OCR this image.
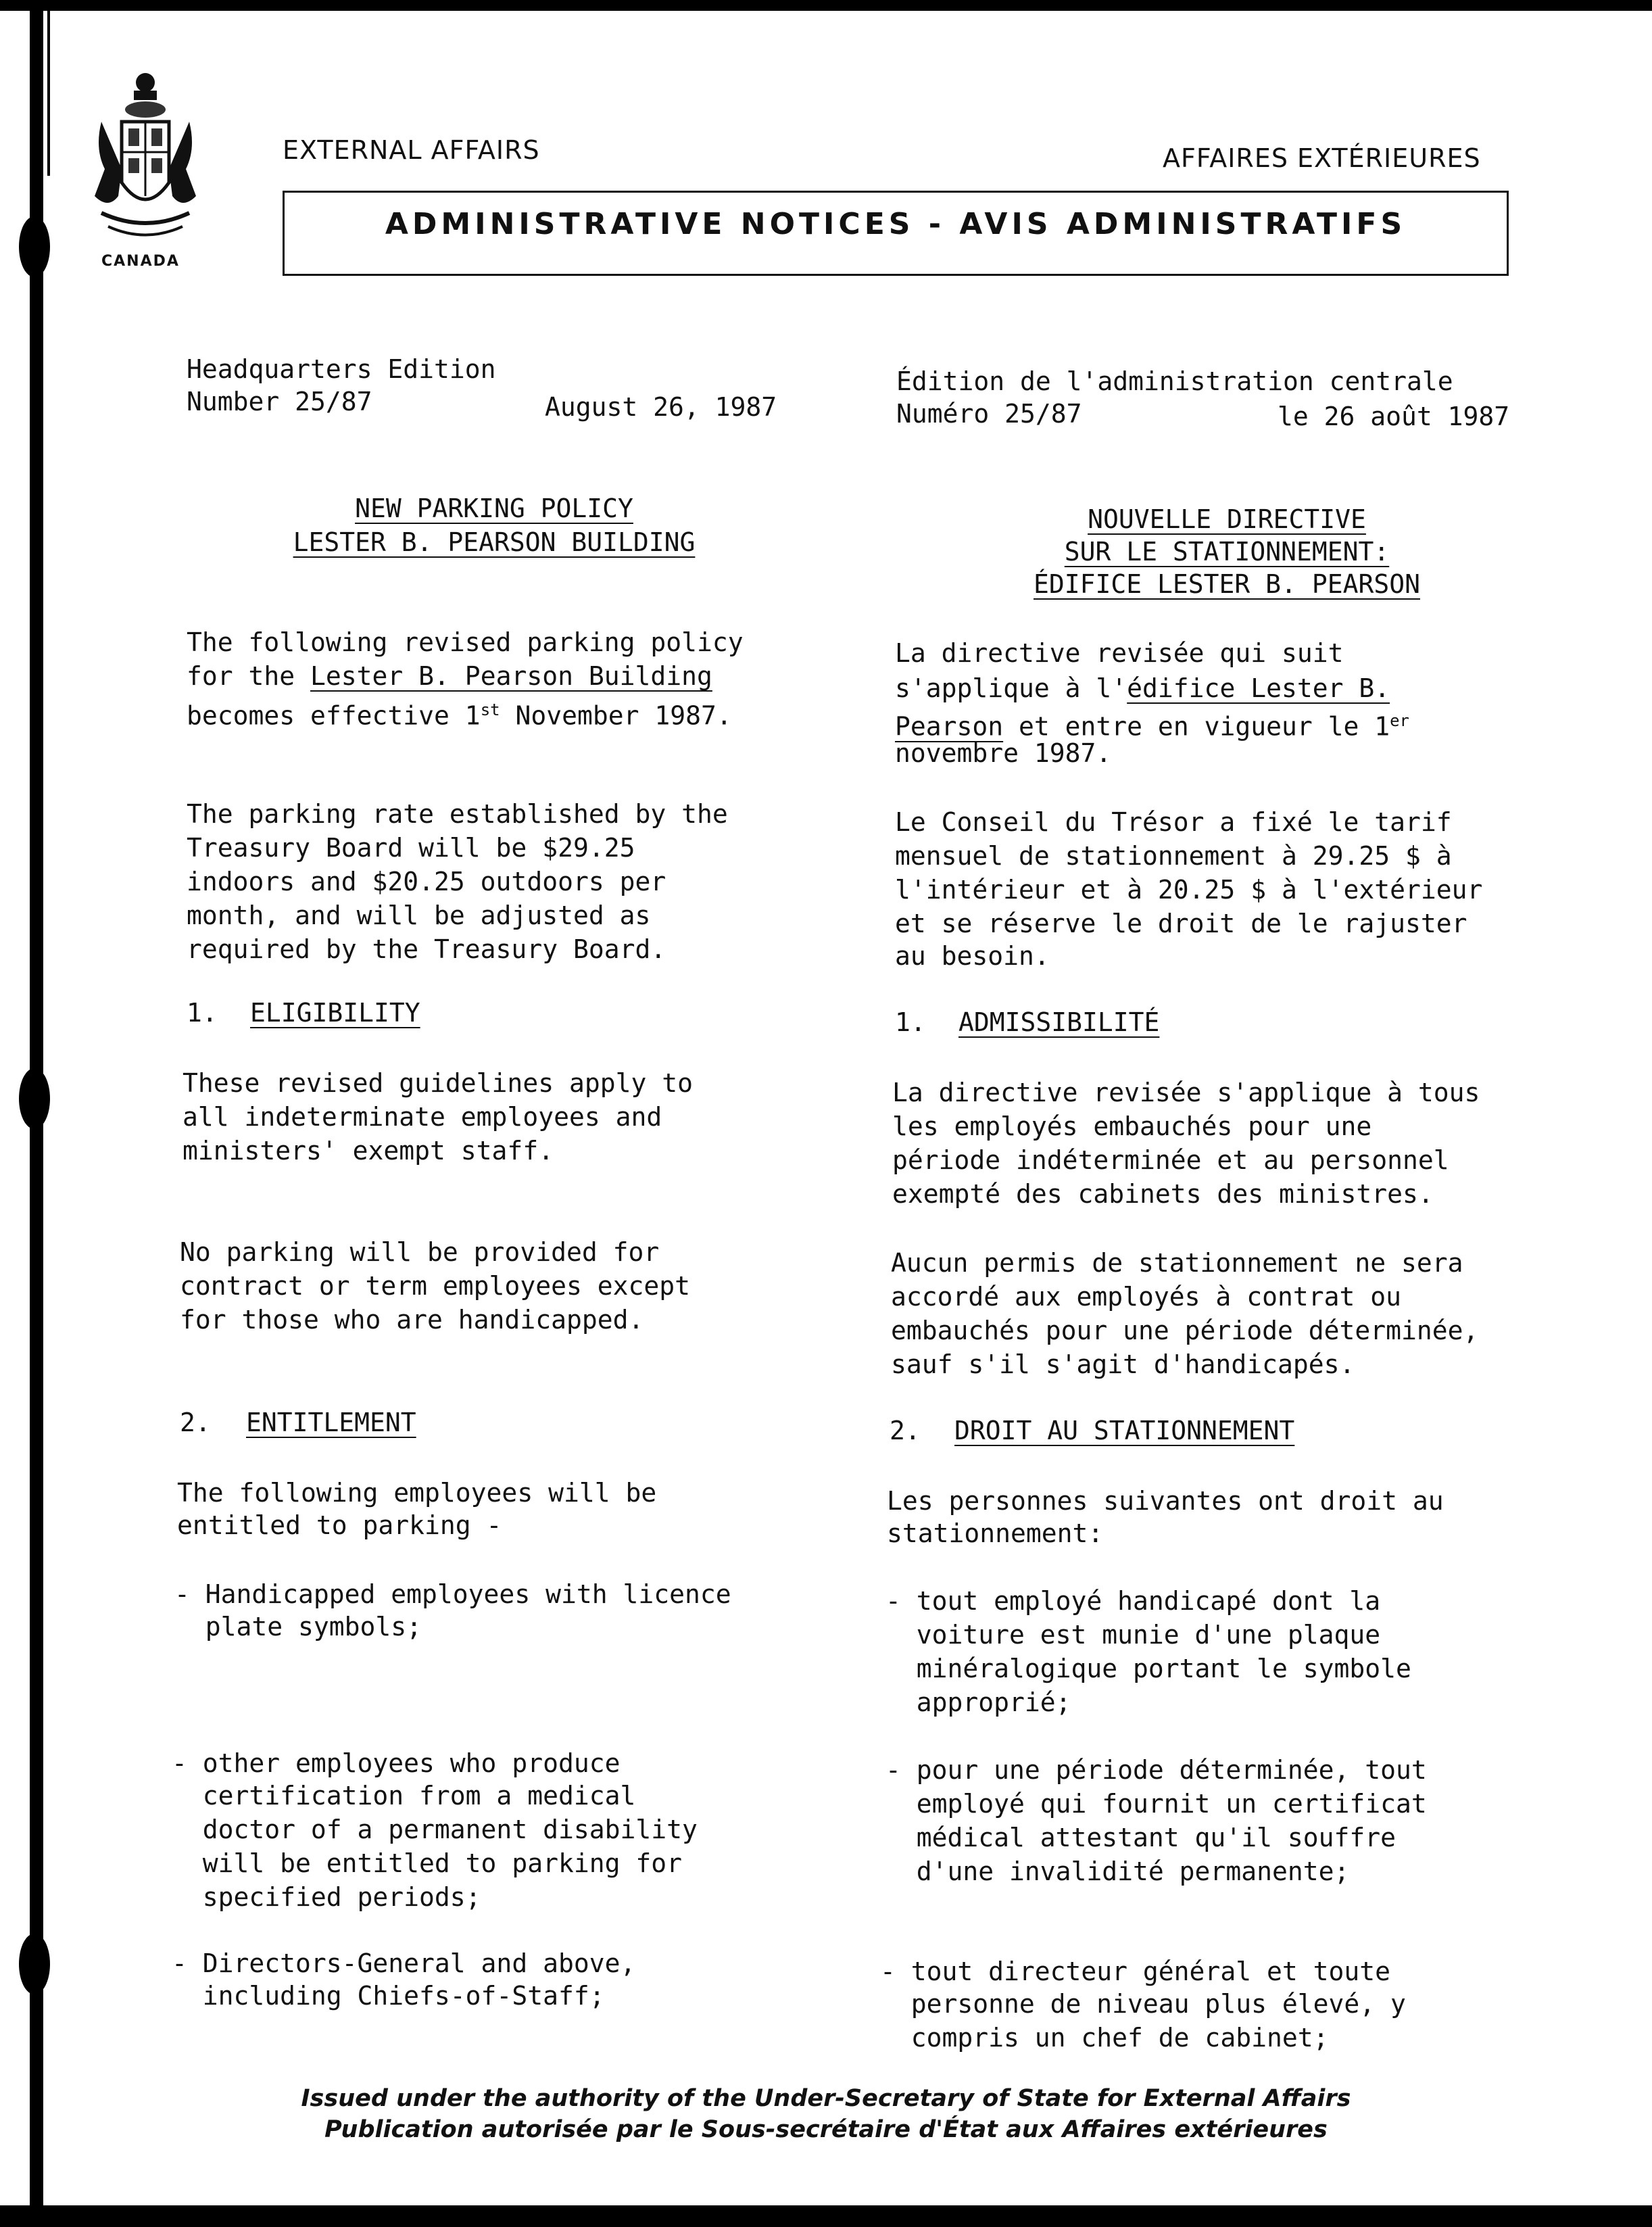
CANADA
EXTERNAL AFFAIRS	AFFAIRES EXTÉRIEURES
ADMINISTRATIVE NOTICES - AVIS ADMINISTRATIFS
Headquarters Edition
Number 25/87	August 26, 1987
NEW PARKING POLICY
LESTER B. PEARSON BUILDING
The following revised parking policy
for the Lester B. Pearson Building
becomes effective 1st November 1987.
The parking rate established by the
Treasury Board will be $29.25
indoors and $20.25 outdoors per
month, and will be adjusted as
required by the Treasury Board.
1. ELIGIBILITY
These revised guidelines apply to
all indeterminate employees and
ministers' exempt staff.
No parking will be provided for
contract or term employees except
for those who are handicapped.
2. ENTITLEMENT
The following employees will be
entitled to parking -
- Handicapped employees with licence
plate symbols;
- other employees who produce
certification from a medical
doctor of a permanent disability
will be entitled to parking for
specified periods;
- Directors-General and above,
including Chiefs-of-Staff;
Édition de l'administration centrale
Numéro 25/87	le 26 août 1987
NOUVELLE DIRECTIVE
SUR LE STATIONNEMENT:
ÉDIFICE LESTER B. PEARSON
La directive revisée qui suit
s'applique à l'édifice Lester B.
Pearson et entre en vigueur le 1er
novembre 1987.
Le Conseil du Trésor a fixé le tarif
mensuel de stationnement à 29.25 $ à
l'intérieur et à 20.25 $ à l'extérieur
et se réserve le droit de le rajuster
au besoin.
1. ADMISSIBILITÉ
La directive revisée s'applique à tous
les employés embauchés pour une
période indéterminée et au personnel
exempté des cabinets des ministres.
Aucun permis de stationnement ne sera
accordé aux employés à contrat ou
embauchés pour une période déterminée,
sauf s'il s'agit d'handicapés.
2. DROIT AU STATIONNEMENT
Les personnes suivantes ont droit au
stationnement:
- tout employé handicapé dont la
voiture est munie d'une plaque
minéralogique portant le symbole
approprié;
- pour une période déterminée, tout
employé qui fournit un certificat
médical attestant qu'il souffre
d'une invalidité permanente;
- tout directeur général et toute
personne de niveau plus élevé, y
compris un chef de cabinet;
Issued under the authority of the Under-Secretary of State for External Affairs
Publication autorisée par le Sous-secrétaire d'État aux Affaires extérieures
